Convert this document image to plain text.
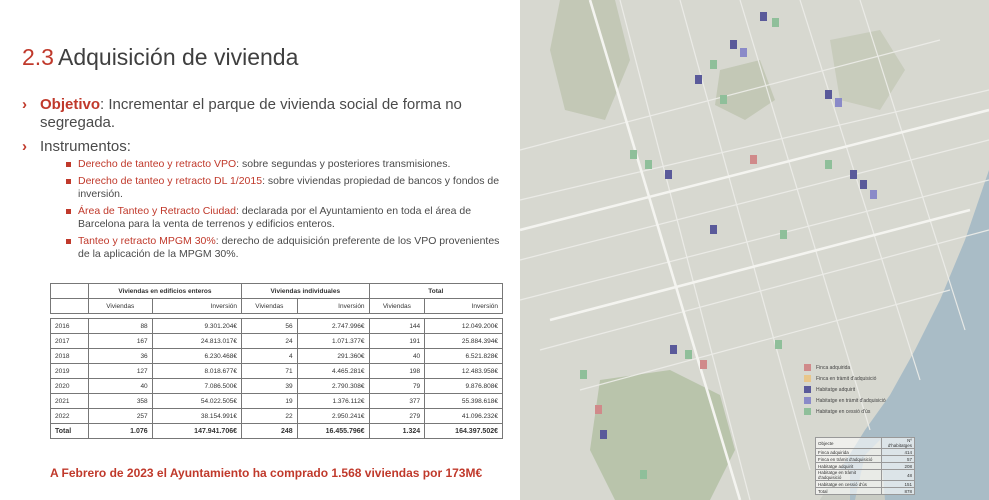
2.3 Adquisición de vivienda
› Objetivo: Incrementar el parque de vivienda social de forma no segregada.
› Instrumentos:
Derecho de tanteo y retracto VPO: sobre segundas y posteriores transmisiones.
Derecho de tanteo y retracto DL 1/2015: sobre viviendas propiedad de bancos y fondos de inversión.
Área de Tanteo y Retracto Ciudad: declarada por el Ayuntamiento en toda el área de Barcelona para la venta de terrenos y edificios enteros.
Tanteo y retracto MPGM 30%: derecho de adquisición preferente de los VPO provenientes de la aplicación de la MPGM 30%.
	Viviendas en edificios enteros		Viviendas individuales		Total	
	Viviendas	Inversión	Viviendas	Inversión	Viviendas	Inversión

2016	88	9.301.204€	56	2.747.996€	144	12.049.200€
2017	167	24.813.017€	24	1.071.377€	191	25.884.394€
2018	36	6.230.468€	4	291.360€	40	6.521.828€
2019	127	8.018.677€	71	4.465.281€	198	12.483.958€
2020	40	7.086.500€	39	2.790.308€	79	9.876.808€
2021	358	54.022.505€	19	1.376.112€	377	55.398.618€
2022	257	38.154.991€	22	2.950.241€	279	41.096.232€
Total	1.076	147.941.706€	248	16.455.796€	1.324	164.397.502€
A Febrero de 2023 el Ayuntamiento ha comprado 1.568 viviendas por 173M€
Finca adquirida
Finca en tràmit d'adquisició
Habitatge adquirit
Habitatge en tràmit d'adquisició
Habitatge en cessió d'ús
Objecte	Nº d'habitatges
Finca adquirida	414
Finca en tràmit d'adquisició	57
Habitatge adquirit	208
Habitatge en tràmit d'adquisició	48
Habitatge en cessió d'ús	151
Total	878
